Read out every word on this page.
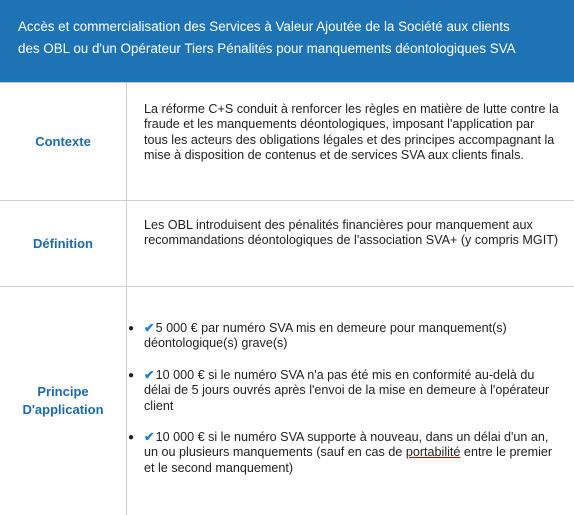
Accès et commercialisation des Services à Valeur Ajoutée de la Société aux clients
des OBL ou d'un Opérateur Tiers Pénalités pour manquements déontologiques SVA
Contexte
La réforme C+S conduit à renforcer les règles en matière de lutte contre la fraude et les manquements déontologiques, imposant l'application par tous les acteurs des obligations légales et des principes accompagnant la mise à disposition de contenus et de services SVA aux clients finals.
Définition
Les OBL introduisent des pénalités financières pour manquement aux recommandations déontologiques de l'association SVA+ (y compris MGIT)
Principe
D'application
● ✔5 000 € par numéro SVA mis en demeure pour manquement(s) déontologique(s) grave(s)
● ✔10 000 € si le numéro SVA n'a pas été mis en conformité au-delà du délai de 5 jours ouvrés après l'envoi de la mise en demeure à l'opérateur client
● ✔10 000 € si le numéro SVA supporte à nouveau, dans un délai d'un an, un ou plusieurs manquements (sauf en cas de portabilité entre le premier et le second manquement)
